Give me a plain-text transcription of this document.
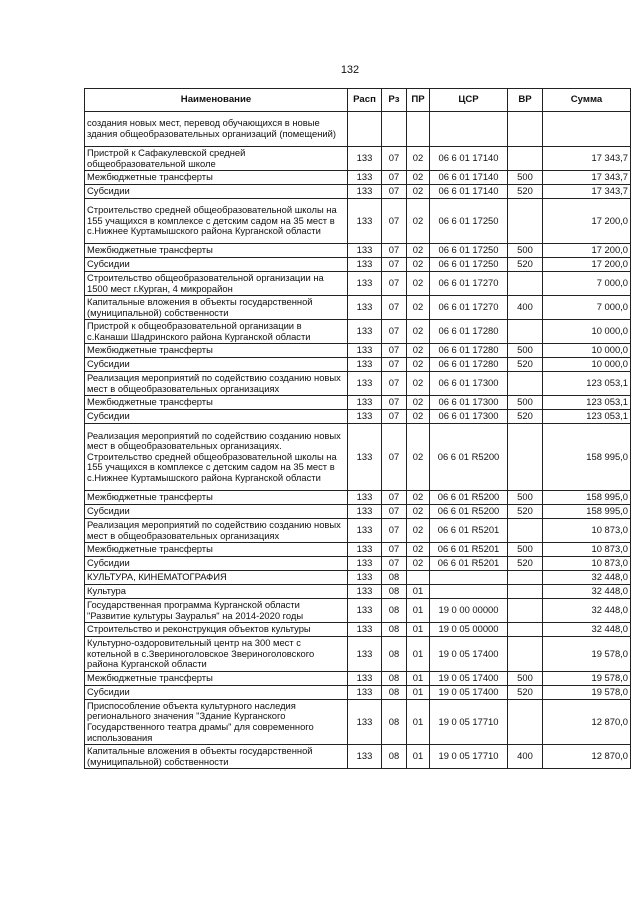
132
Наименование	Расп	Рз	ПР	ЦСР	ВР	Сумма
создания новых мест, перевод обучающихся в новые здания общеобразовательных организаций (помещений)						
Пристрой к Сафакулевской средней общеобразовательной школе	133	07	02	06 6 01 17140		17 343,7
Межбюджетные трансферты	133	07	02	06 6 01 17140	500	17 343,7
Субсидии	133	07	02	06 6 01 17140	520	17 343,7
Строительство средней общеобразовательной школы на 155 учащихся в комплексе с детским садом на 35 мест в с.Нижнее Куртамышского района Курганской области	133	07	02	06 6 01 17250		17 200,0
Межбюджетные трансферты	133	07	02	06 6 01 17250	500	17 200,0
Субсидии	133	07	02	06 6 01 17250	520	17 200,0
Строительство общеобразовательной организации на 1500 мест г.Курган, 4 микрорайон	133	07	02	06 6 01 17270		7 000,0
Капитальные вложения в объекты государственной (муниципальной) собственности	133	07	02	06 6 01 17270	400	7 000,0
Пристрой к общеобразовательной организации в с.Канаши Шадринского района Курганской области	133	07	02	06 6 01 17280		10 000,0
Межбюджетные трансферты	133	07	02	06 6 01 17280	500	10 000,0
Субсидии	133	07	02	06 6 01 17280	520	10 000,0
Реализация мероприятий по содействию созданию новых мест в общеобразовательных организациях	133	07	02	06 6 01 17300		123 053,1
Межбюджетные трансферты	133	07	02	06 6 01 17300	500	123 053,1
Субсидии	133	07	02	06 6 01 17300	520	123 053,1
Реализация мероприятий по содействию созданию новых мест в общеобразовательных организациях. Строительство средней общеобразовательной школы на 155 учащихся в комплексе с детским садом на 35 мест в с.Нижнее Куртамышского района Курганской области	133	07	02	06 6 01 R5200		158 995,0
Межбюджетные трансферты	133	07	02	06 6 01 R5200	500	158 995,0
Субсидии	133	07	02	06 6 01 R5200	520	158 995,0
Реализация мероприятий по содействию созданию новых мест в общеобразовательных организациях	133	07	02	06 6 01 R5201		10 873,0
Межбюджетные трансферты	133	07	02	06 6 01 R5201	500	10 873,0
Субсидии	133	07	02	06 6 01 R5201	520	10 873,0
КУЛЬТУРА, КИНЕМАТОГРАФИЯ	133	08				32 448,0
Культура	133	08	01			32 448,0
Государственная программа Курганской области "Развитие культуры Зауралья" на 2014-2020 годы	133	08	01	19 0 00 00000		32 448,0
Строительство и реконструкция объектов культуры	133	08	01	19 0 05 00000		32 448,0
Культурно-оздоровительный центр на 300 мест с котельной в с.Звериноголовское Звериноголовского района Курганской области	133	08	01	19 0 05 17400		19 578,0
Межбюджетные трансферты	133	08	01	19 0 05 17400	500	19 578,0
Субсидии	133	08	01	19 0 05 17400	520	19 578,0
Приспособление объекта культурного наследия регионального значения "Здание Курганского Государственного театра драмы" для современного использования	133	08	01	19 0 05 17710		12 870,0
Капитальные вложения в объекты государственной (муниципальной) собственности	133	08	01	19 0 05 17710	400	12 870,0
